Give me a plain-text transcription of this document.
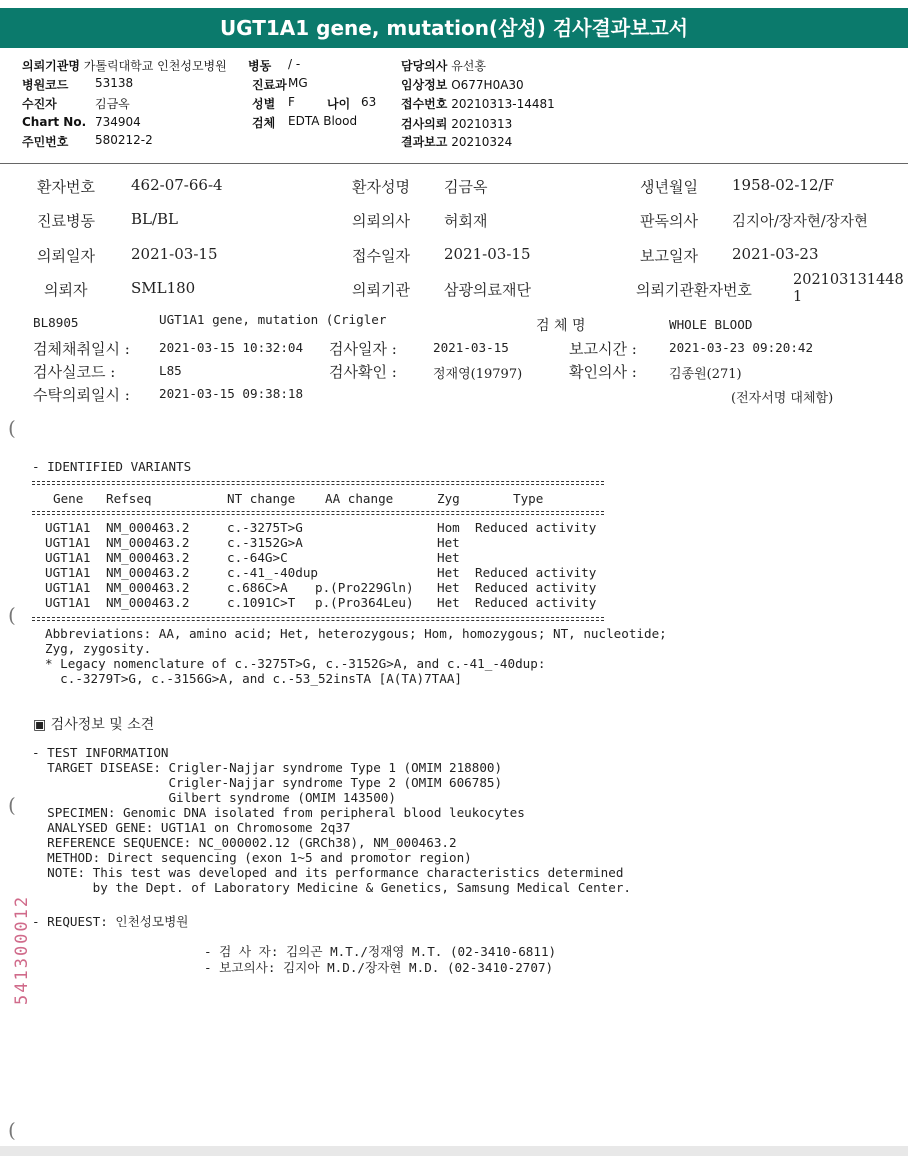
UGT1A1 gene, mutation(삼성) 검사결과보고서
의뢰기관명 가톨릭대학교 인천성모병원
병원코드 53138
수진자	김금옥
Chart No. 734904
주민번호 580212-2
병동 / -
진료과 MG
성별 F	나이 63
검체 EDTA Blood
담당의사 유선홍
임상정보 O677H0A30
접수번호 20210313-14481
검사의뢰 20210313
결과보고 20210324
환자번호 462-07-66-4	환자성명 김금옥	생년월일 1958-02-12/F
진료병동 BL/BL	의뢰의사 허회재	판독의사 김지아/장자현/장자현
의뢰일자 2021-03-15	접수일자 2021-03-15	보고일자 2021-03-23
의뢰자	SML180	의뢰기관 삼광의료재단	의뢰기관환자번호
202103131448
1
BL8905	UGT1A1 gene, mutation (Crigler	검 체 명	WHOLE BLOOD
검체채취일시 : 2021-03-15 10:32:04 검사일자 :	2021-03-15	보고시간 :	2021-03-23 09:20:42
검사실코드 :	L85	검사확인 :	정재영(19797)	확인의사 : 김종원(271)
수탁의뢰일시 : 2021-03-15 09:38:18	(전자서명 대체함)
(
- IDENTIFIED VARIANTS
Gene Refseq	NT change AA change	Zyg	Type
UGT1A1 NM_000463.2	c.-3275T>G	Hom Reduced activity
UGT1A1 NM_000463.2	c.-3152G>A	Het
UGT1A1 NM_000463.2	c.-64G>C	Het
UGT1A1 NM_000463.2	c.-41_-40dup	Het Reduced activity
UGT1A1 NM_000463.2	c.686C>A p.(Pro229Gln) Het Reduced activity
UGT1A1 NM_000463.2	c.1091C>T p.(Pro364Leu) Het Reduced activity
Abbreviations: AA, amino acid; Het, heterozygous; Hom, homozygous; NT, nucleotide;
Zyg, zygosity.
* Legacy nomenclature of c.-3275T>G, c.-3152G>A, and c.-41_-40dup:
c.-3279T>G, c.-3156G>A, and c.-53_52insTA [A(TA)7TAA]
(
▣ 검사정보 및 소견
- TEST INFORMATION
TARGET DISEASE: Crigler-Najjar syndrome Type 1 (OMIM 218800)
Crigler-Najjar syndrome Type 2 (OMIM 606785)
Gilbert syndrome (OMIM 143500)
SPECIMEN: Genomic DNA isolated from peripheral blood leukocytes
ANALYSED GENE: UGT1A1 on Chromosome 2q37
REFERENCE SEQUENCE: NC_000002.12 (GRCh38), NM_000463.2
METHOD: Direct sequencing (exon 1~5 and promotor region)
NOTE: This test was developed and its performance characteristics determined
by the Dept. of Laboratory Medicine & Genetics, Samsung Medical Center.
(
- REQUEST: 인천성모병원
- 검 사 자: 김의곤 M.T./정재영 M.T. (02-3410-6811)
- 보고의사: 김지아 M.D./장자현 M.D. (02-3410-2707)
541300012
(
